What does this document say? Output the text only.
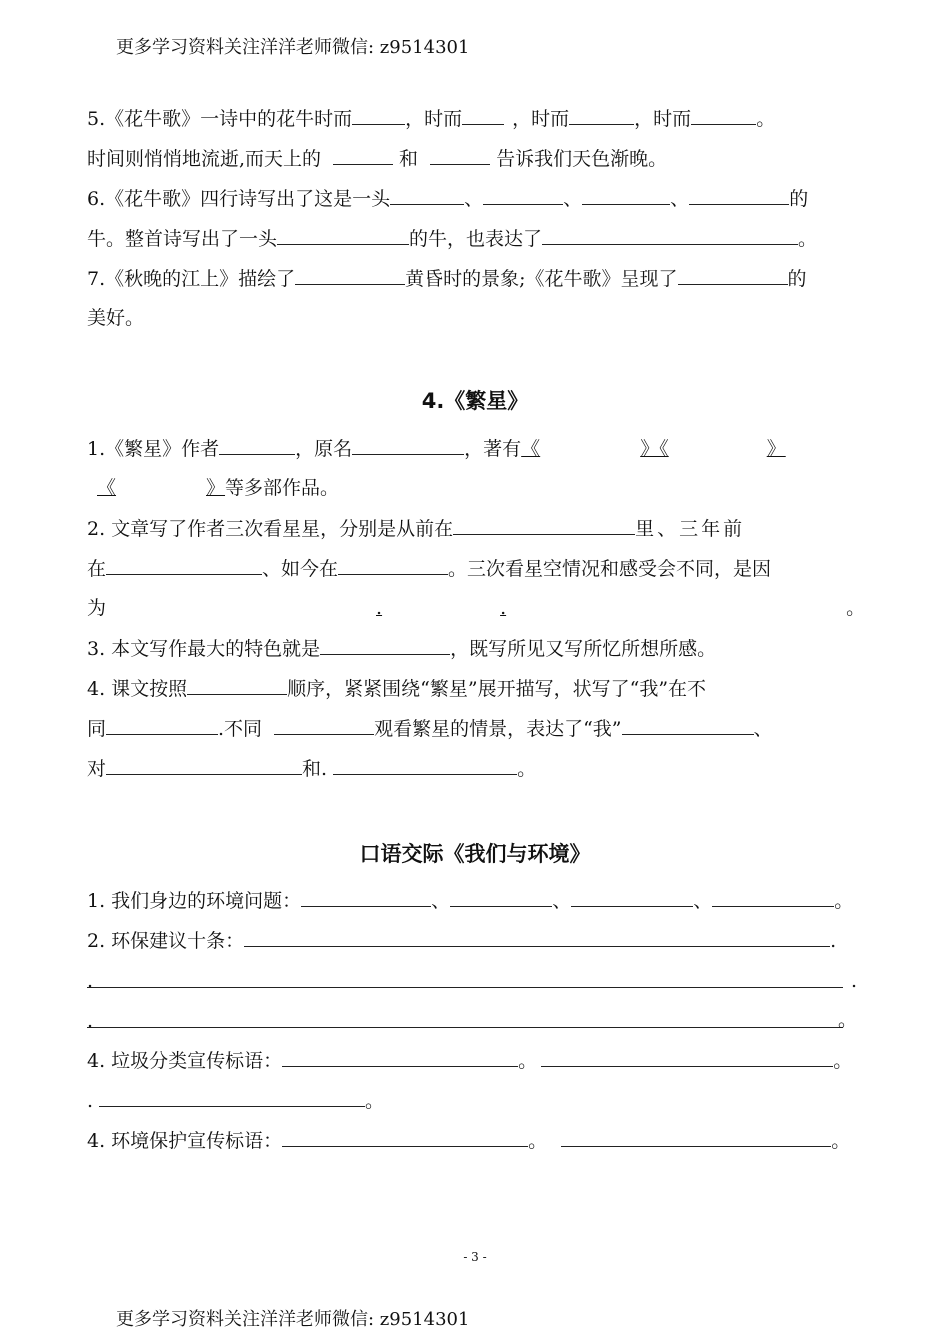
更多学习资料关注洋洋老师微信: z9514301
5.《花牛歌》一诗中的花牛时而	，时而	，时而	，时而	。
时间则悄悄地流逝,而天上的	和	告诉我们天色渐晚。
6.《花牛歌》四行诗写出了这是一头	、	、	、	的
牛。整首诗写出了一头	的牛，也表达了	。
7.《秋晚的江上》描绘了	黄昏时的景象;《花牛歌》呈现了	的
美好。
4.《繁星》
1.《繁星》作者	，原名	，著有《	》《	》
《	》等多部作品。
2. 文章写了作者三次看星星，分别是从前在	里、三年前
在	、如今在	。三次看星空情况和感受会不同，是因
为	.	.	。
3. 本文写作最大的特色就是	，既写所见又写所忆所想所感。
4. 课文按照	顺序，紧紧围绕“繁星”展开描写，状写了“我”在不
同	.不同	观看繁星的情景，表达了“我”	、
对	和.	。
口语交际《我们与环境》
1. 我们身边的环境问题：	、	、	、	。
2. 环保建议十条：	.
.	.
.	。
4. 垃圾分类宣传标语：	。	。
.	。
4. 环境保护宣传标语：	。	。
- 3 -
更多学习资料关注洋洋老师微信: z9514301
